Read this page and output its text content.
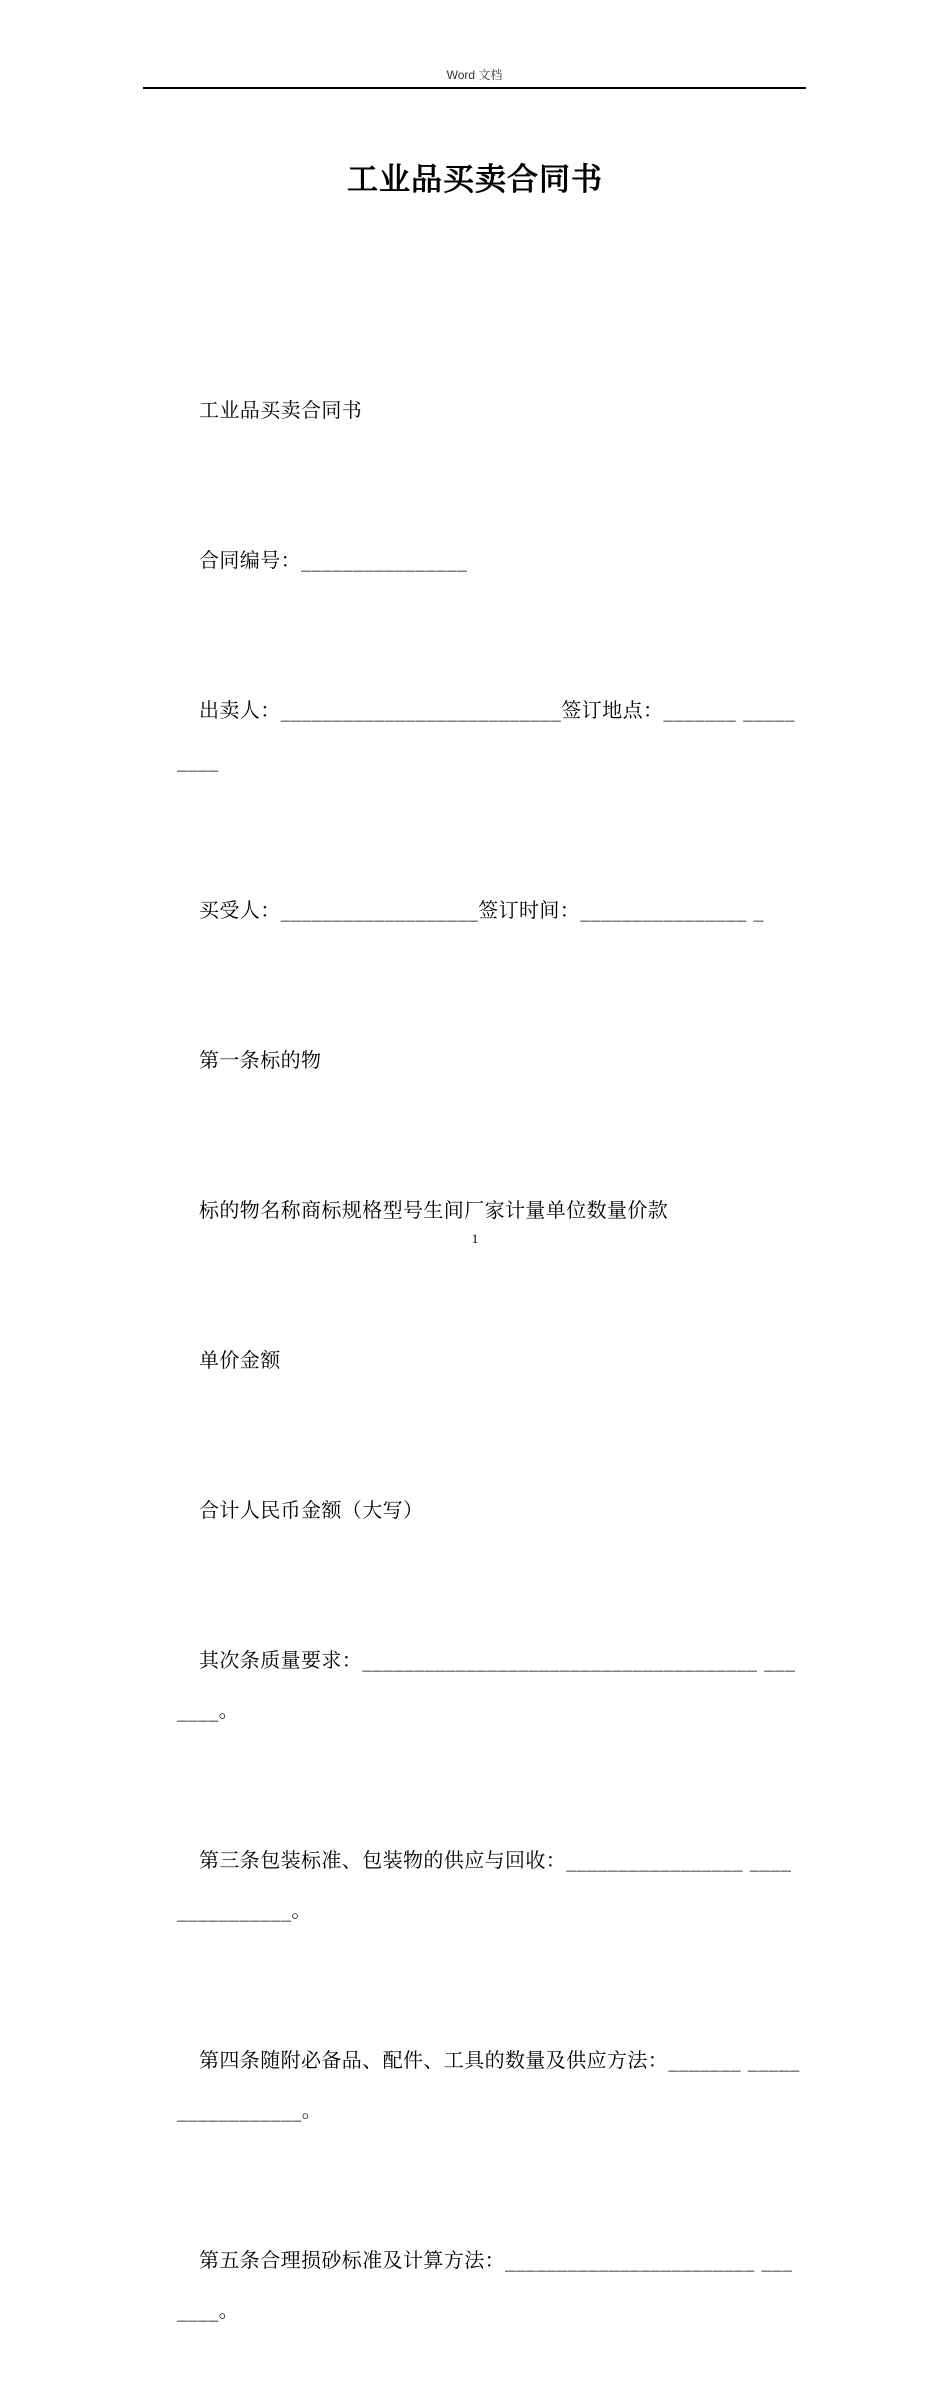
Word 文档
工业品买卖合同书

工业品买卖合同书

合同编号：________________

出卖人：___________________________签订地点：_______ _________

买受人：___________________签订时间：________________ _

第一条标的物

标的物名称商标规格型号生间厂家计量单位数量价款

单价金额

合计人民币金额（大写）

其次条质量要求：______________________________________ _______。

第三条包装标准、包装物的供应与回收：_________________ _______________。

第四条随附必备品、配件、工具的数量及供应方法：_______ _________________。

第五条合理损砂标准及计算方法：________________________ _______。

1
